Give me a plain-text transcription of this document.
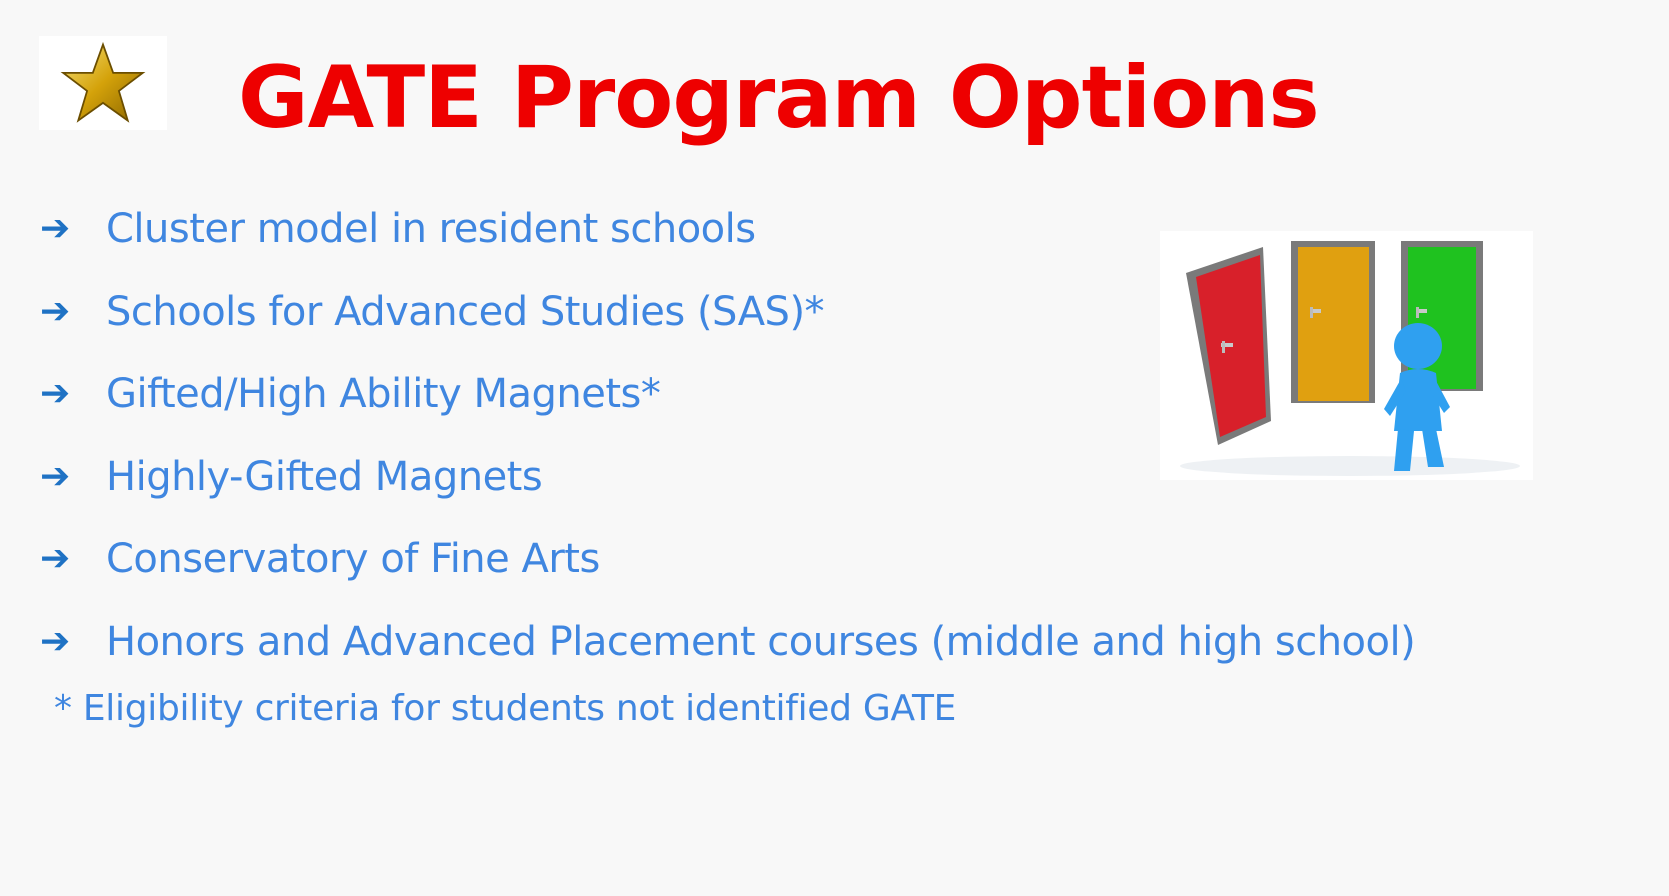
GATE Program Options
➔ Cluster model in resident schools
➔ Schools for Advanced Studies (SAS)*
➔ Gifted/High Ability Magnets*
➔ Highly-Gifted Magnets
➔ Conservatory of Fine Arts
➔ Honors and Advanced Placement courses (middle and high school)

* Eligibility criteria for students not identified GATE
